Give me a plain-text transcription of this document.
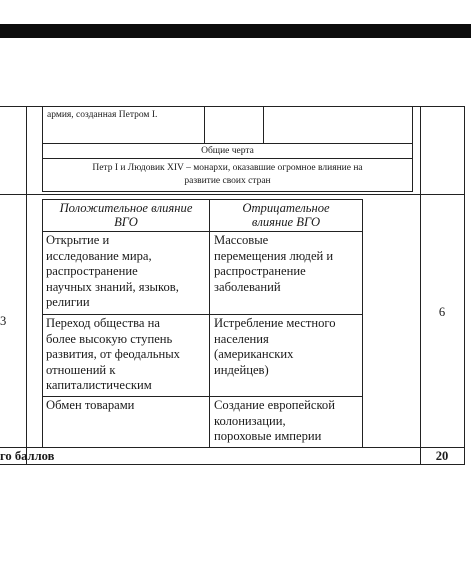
армия, созданная Петром I.
Общие черта
Петр I и Людовик XIV – монархи, оказавшие огромное влияние на
развитие своих стран
3
6
Положительное влияние
ВГО
Отрицательное
влияние ВГО
Открытие и
исследование мира,
распространение
научных знаний, языков,
религии
Массовые
перемещения людей и
распространение
заболеваний
Переход общества на
более высокую ступень
развития, от феодальных
отношений к
капиталистическим
Истребление местного
населения
(американских
индейцев)
Обмен товарами	Создание европейской
колонизации,
пороховые империи
го баллов	20
